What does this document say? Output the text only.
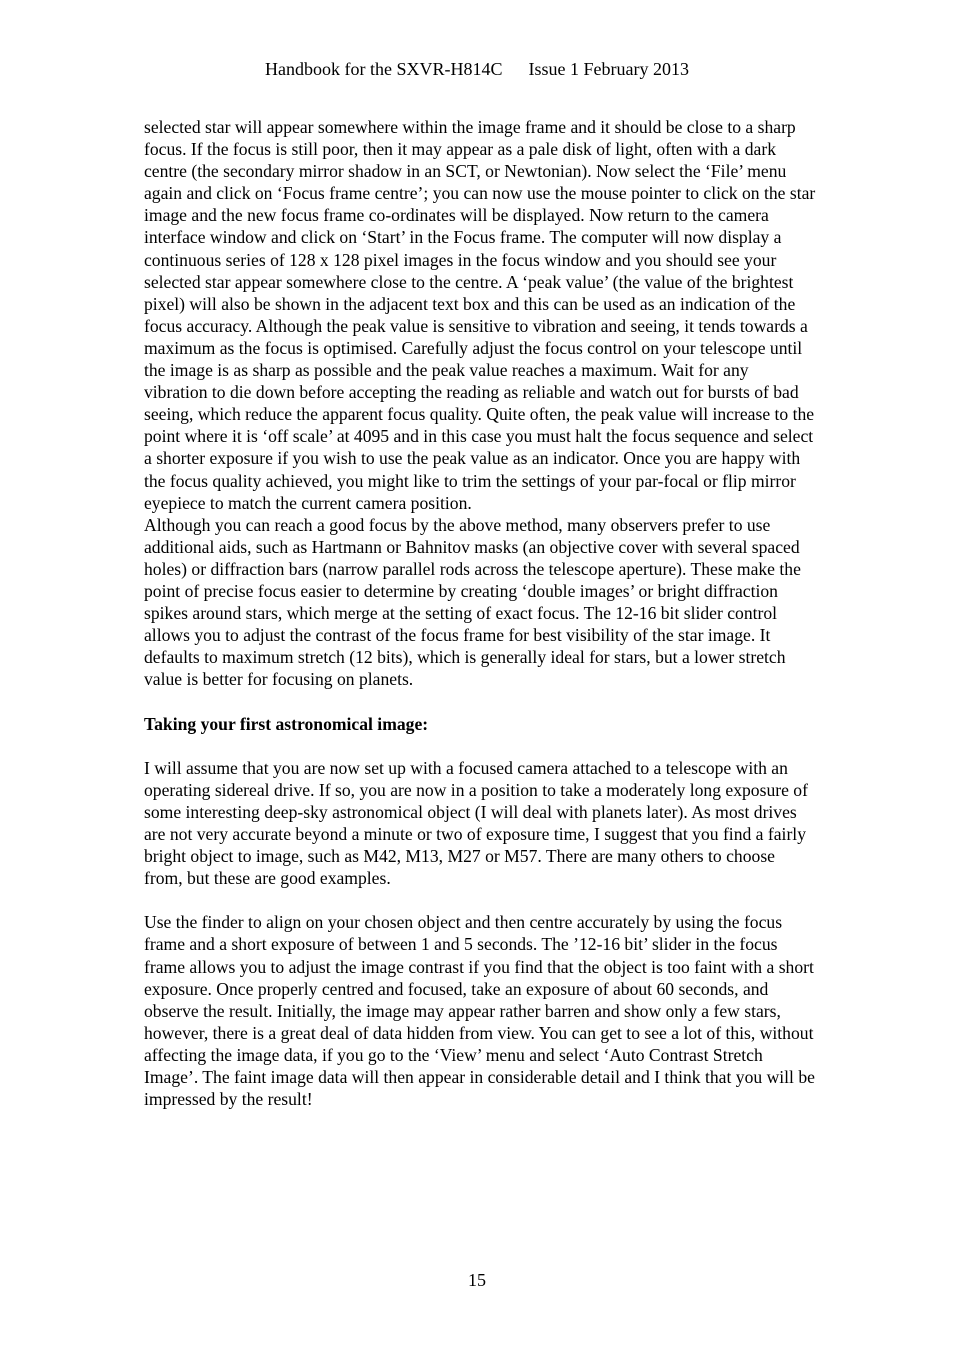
Handbook for the SXVR-H814C Issue 1 February 2013

selected star will appear somewhere within the image frame and it should be close to a sharp focus. If the focus is still poor, then it may appear as a pale disk of light, often with a dark centre (the secondary mirror shadow in an SCT, or Newtonian). Now select the ‘File’ menu again and click on ‘Focus frame centre’; you can now use the mouse pointer to click on the star image and the new focus frame co-ordinates will be displayed. Now return to the camera interface window and click on ‘Start’ in the Focus frame. The computer will now display a continuous series of 128 x 128 pixel images in the focus window and you should see your selected star appear somewhere close to the centre. A ‘peak value’ (the value of the brightest pixel) will also be shown in the adjacent text box and this can be used as an indication of the focus accuracy. Although the peak value is sensitive to vibration and seeing, it tends towards a maximum as the focus is optimised. Carefully adjust the focus control on your telescope until the image is as sharp as possible and the peak value reaches a maximum. Wait for any vibration to die down before accepting the reading as reliable and watch out for bursts of bad seeing, which reduce the apparent focus quality. Quite often, the peak value will increase to the point where it is ‘off scale’ at 4095 and in this case you must halt the focus sequence and select a shorter exposure if you wish to use the peak value as an indicator. Once you are happy with the focus quality achieved, you might like to trim the settings of your par-focal or flip mirror eyepiece to match the current camera position.

Although you can reach a good focus by the above method, many observers prefer to use additional aids, such as Hartmann or Bahnitov masks (an objective cover with several spaced holes) or diffraction bars (narrow parallel rods across the telescope aperture). These make the point of precise focus easier to determine by creating ‘double images’ or bright diffraction spikes around stars, which merge at the setting of exact focus. The 12-16 bit slider control allows you to adjust the contrast of the focus frame for best visibility of the star image. It defaults to maximum stretch (12 bits), which is generally ideal for stars, but a lower stretch value is better for focusing on planets.

Taking your first astronomical image:

I will assume that you are now set up with a focused camera attached to a telescope with an operating sidereal drive. If so, you are now in a position to take a moderately long exposure of some interesting deep-sky astronomical object (I will deal with planets later). As most drives are not very accurate beyond a minute or two of exposure time, I suggest that you find a fairly bright object to image, such as M42, M13, M27 or M57. There are many others to choose from, but these are good examples.

Use the finder to align on your chosen object and then centre accurately by using the focus frame and a short exposure of between 1 and 5 seconds. The ’12-16 bit’ slider in the focus frame allows you to adjust the image contrast if you find that the object is too faint with a short exposure. Once properly centred and focused, take an exposure of about 60 seconds, and observe the result. Initially, the image may appear rather barren and show only a few stars, however, there is a great deal of data hidden from view. You can get to see a lot of this, without affecting the image data, if you go to the ‘View’ menu and select ‘Auto Contrast Stretch Image’. The faint image data will then appear in considerable detail and I think that you will be impressed by the result!

15
